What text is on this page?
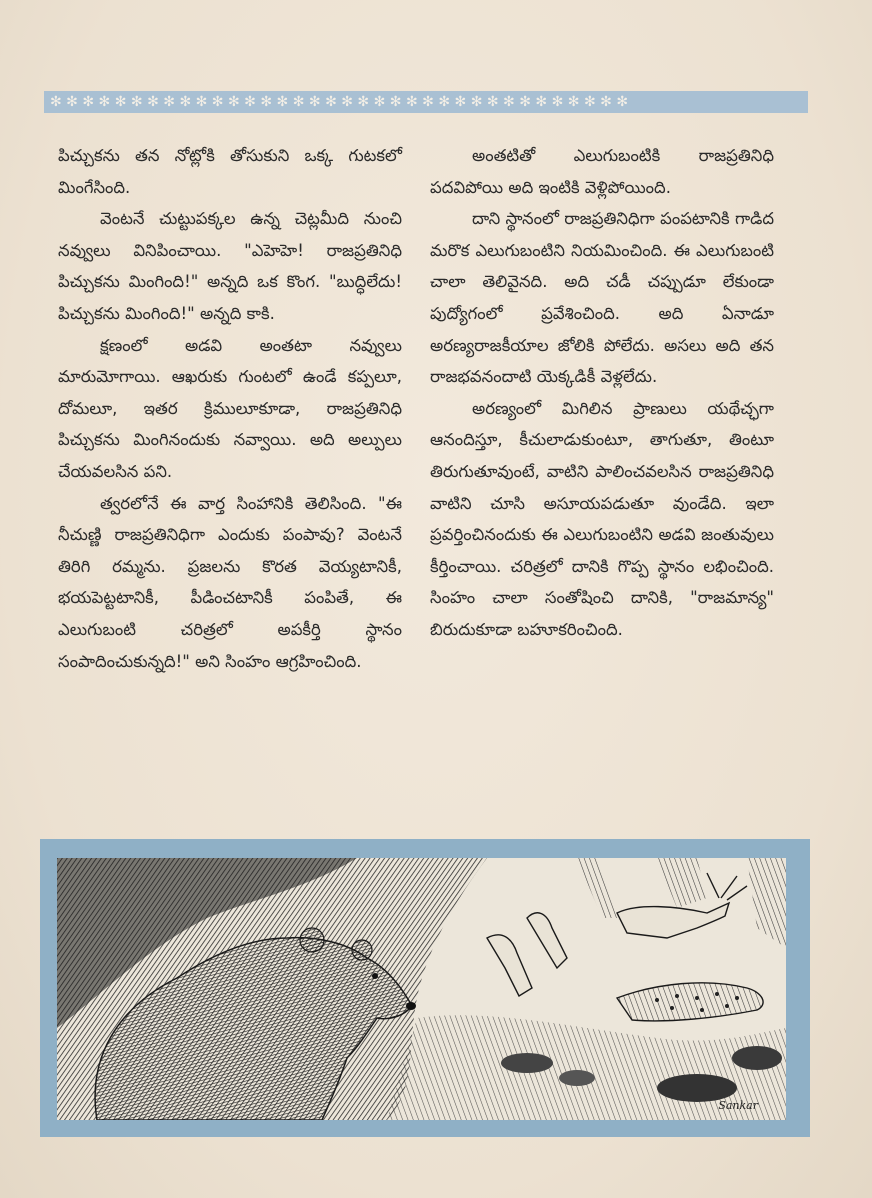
✻ ✻ ✻ ✻ ✻ ✻ ✻ ✻ ✻ ✻ ✻ ✻ ✻ ✻ ✻ ✻ ✻ ✻ ✻ ✻ ✻ ✻ ✻ ✻ ✻ ✻ ✻ ✻ ✻ ✻ ✻ ✻ ✻ ✻ ✻ ✻

పిచ్చుకను తన నోట్లోకి తోసుకుని ఒక్క గుటకలో మింగేసింది.

వెంటనే చుట్టుపక్కల ఉన్న చెట్లమీది నుంచి నవ్వులు వినిపించాయి. "ఎహెహె! రాజప్రతినిధి పిచ్చుకను మింగింది!" అన్నది ఒక కొంగ. "బుద్ధిలేదు! పిచ్చుకను మింగింది!" అన్నది కాకి.

క్షణంలో అడవి అంతటా నవ్వులు మారుమోగాయి. ఆఖరుకు గుంటలో ఉండే కప్పలూ, దోమలూ, ఇతర క్రిములూకూడా, రాజప్రతినిధి పిచ్చుకను మింగినందుకు నవ్వాయి. అది అల్పులు చేయవలసిన పని.

త్వరలోనే ఈ వార్త సింహానికి తెలిసింది. "ఈ నీచుణ్ణి రాజప్రతినిధిగా ఎందుకు పంపావు? వెంటనే తిరిగి రమ్మను. ప్రజలను కొరత వెయ్యటానికీ, భయపెట్టటానికీ, పీడించటానికీ పంపితే, ఈ ఎలుగుబంటి చరిత్రలో అపకీర్తి స్థానం సంపాదించుకున్నది!" అని సింహం ఆగ్రహించింది.

అంతటితో ఎలుగుబంటికి రాజప్రతినిధి పదవిపోయి అది ఇంటికి వెళ్లిపోయింది.

దాని స్థానంలో రాజప్రతినిధిగా పంపటానికి గాడిద మరొక ఎలుగుబంటిని నియమించింది. ఈ ఎలుగుబంటి చాలా తెలివైనది. అది చడీ చప్పుడూ లేకుండా పుద్యోగంలో ప్రవేశించింది. అది ఏనాడూ అరణ్యరాజకీయాల జోలికి పోలేదు. అసలు అది తన రాజభవనందాటి యెక్కడికీ వెళ్లలేదు.

అరణ్యంలో మిగిలిన ప్రాణులు యథేచ్ఛగా ఆనందిస్తూ, కీచులాడుకుంటూ, తాగుతూ, తింటూ తిరుగుతూవుంటే, వాటిని పాలించవలసిన రాజప్రతినిధి వాటిని చూసి అసూయపడుతూ వుండేది. ఇలా ప్రవర్తించినందుకు ఈ ఎలుగుబంటిని అడవి జంతువులు కీర్తించాయి. చరిత్రలో దానికి గొప్ప స్థానం లభించింది. సింహం చాలా సంతోషించి దానికి, "రాజమాన్య" బిరుదుకూడా బహూకరించింది.

Sankar
